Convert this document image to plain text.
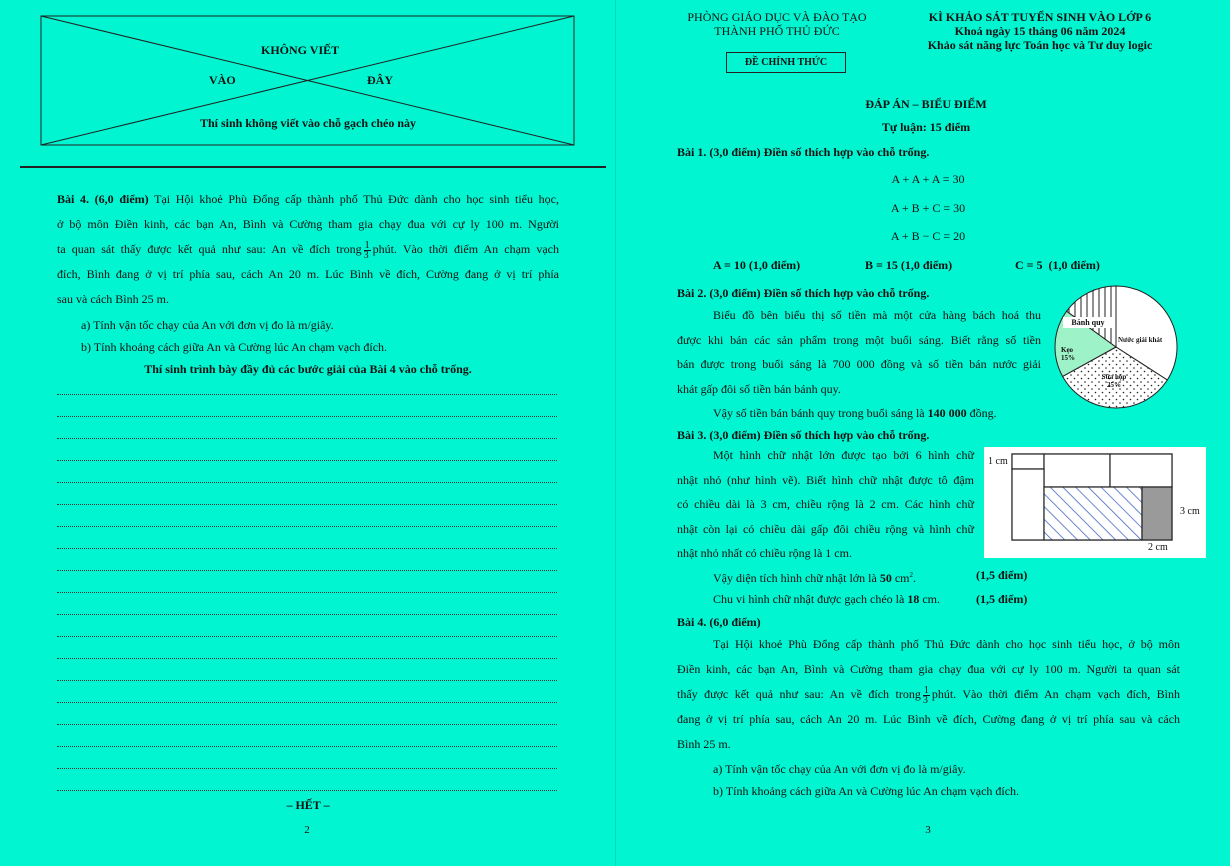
KHÔNG VIẾT
VÀO	ĐÂY
Thí sinh không viết vào chỗ gạch chéo này
Bài 4. (6,0 điểm) Tại Hội khoẻ Phù Đổng cấp thành phố Thủ Đức dành cho học sinh tiểu học,
ở bộ môn Điền kinh, các bạn An, Bình và Cường tham gia chạy đua với cự ly 100 m. Người
ta quan sát thấy được kết quả như sau: An về đích trong $\frac{1}{3}$ phút. Vào thời điểm An chạm vạch
đích, Bình đang ở vị trí phía sau, cách An 20 m. Lúc Bình về đích, Cường đang ở vị trí phía
sau và cách Bình 25 m.
a) Tính vận tốc chạy của An với đơn vị đo là m/giây.
b) Tính khoảng cách giữa An và Cường lúc An chạm vạch đích.
Thí sinh trình bày đầy đủ các bước giải của Bài 4 vào chỗ trống.
– HẾT –
2
PHÒNG GIÁO DỤC VÀ ĐÀO TẠO
THÀNH PHỐ THỦ ĐỨC
ĐỀ CHÍNH THỨC
KÌ KHẢO SÁT TUYỂN SINH VÀO LỚP 6
Khoá ngày 15 tháng 06 năm 2024
Khảo sát năng lực Toán học và Tư duy logic
ĐÁP ÁN – BIỂU ĐIỂM
Tự luận: 15 điểm
Bài 1. (3,0 điểm) Điền số thích hợp vào chỗ trống.
A + A + A = 30
A + B + C = 30
A + B − C = 20
A = 10 (1,0 điểm)	B = 15 (1,0 điểm)	C = 5  (1,0 điểm)
Bài 2. (3,0 điểm) Điền số thích hợp vào chỗ trống.
Biểu đồ bên biểu thị số tiền mà một cửa hàng bách hoá thu
được khi bán các sản phẩm trong một buổi sáng. Biết rằng số tiền
bán được trong buổi sáng là 700 000 đồng và số tiền bán nước giải
khát gấp đôi số tiền bán bánh quy.
Vậy số tiền bán bánh quy trong buổi sáng là 140 000 đồng.
Bánh quy
Nước giải khát
Kẹo
15%
Sữa hộp
25%
Bài 3. (3,0 điểm) Điền số thích hợp vào chỗ trống.
Một hình chữ nhật lớn được tạo bởi 6 hình chữ
nhật nhỏ (như hình vẽ). Biết hình chữ nhật được tô đậm
có chiều dài là 3 cm, chiều rộng là 2 cm. Các hình chữ
nhật còn lại có chiều dài gấp đôi chiều rộng và hình chữ
nhật nhỏ nhất có chiều rộng là 1 cm.
Vậy diện tích hình chữ nhật lớn là 50 $cm^2$.	(1,5 điểm)
Chu vi hình chữ nhật được gạch chéo là 18 cm.	(1,5 điểm)
1 cm
3 cm
2 cm
Bài 4. (6,0 điểm)
Tại Hội khoẻ Phù Đổng cấp thành phố Thủ Đức dành cho học sinh tiểu học, ở bộ môn
Điền kinh, các bạn An, Bình và Cường tham gia chạy đua với cự ly 100 m. Người ta quan sát
thấy được kết quả như sau: An về đích trong $\frac{1}{3}$ phút. Vào thời điểm An chạm vạch đích, Bình
đang ở vị trí phía sau, cách An 20 m. Lúc Bình về đích, Cường đang ở vị trí phía sau và cách
Bình 25 m.
a) Tính vận tốc chạy của An với đơn vị đo là m/giây.
b) Tính khoảng cách giữa An và Cường lúc An chạm vạch đích.
3
